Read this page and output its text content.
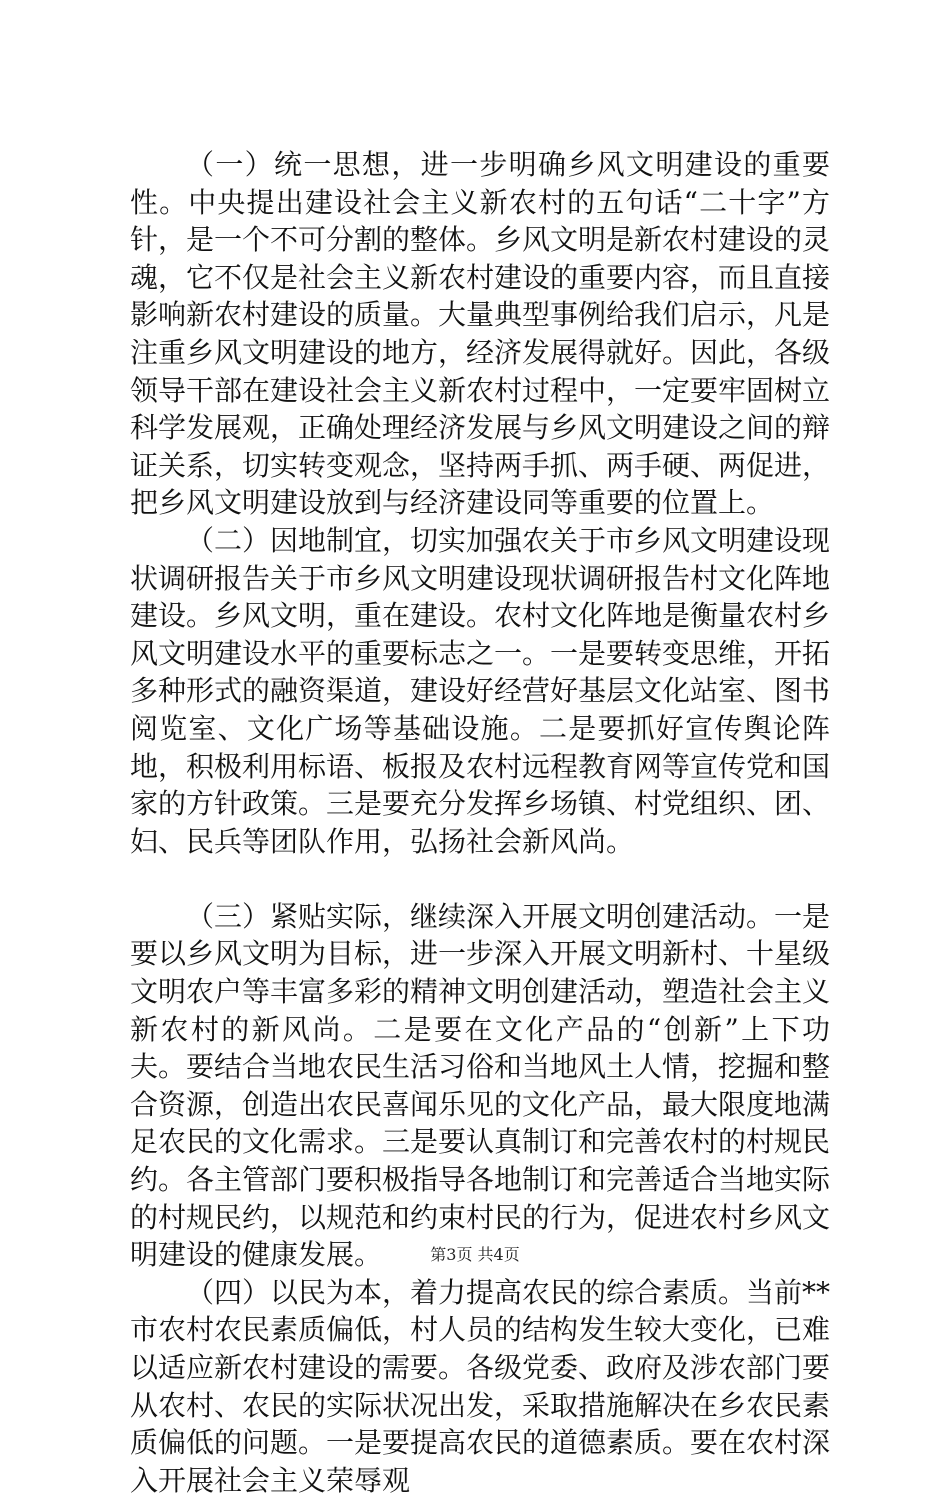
（一）统一思想，进一步明确乡风文明建设的重要性。中央提出建设社会主义新农村的五句话“二十字”方针，是一个不可分割的整体。乡风文明是新农村建设的灵魂，它不仅是社会主义新农村建设的重要内容，而且直接影响新农村建设的质量。大量典型事例给我们启示，凡是注重乡风文明建设的地方，经济发展得就好。因此，各级领导干部在建设社会主义新农村过程中，一定要牢固树立科学发展观，正确处理经济发展与乡风文明建设之间的辩证关系，切实转变观念，坚持两手抓、两手硬、两促进，把乡风文明建设放到与经济建设同等重要的位置上。

（二）因地制宜，切实加强农关于市乡风文明建设现状调研报告关于市乡风文明建设现状调研报告村文化阵地建设。乡风文明，重在建设。农村文化阵地是衡量农村乡风文明建设水平的重要标志之一。一是要转变思维，开拓多种形式的融资渠道，建设好经营好基层文化站室、图书阅览室、文化广场等基础设施。二是要抓好宣传舆论阵地，积极利用标语、板报及农村远程教育网等宣传党和国家的方针政策。三是要充分发挥乡场镇、村党组织、团、妇、民兵等团队作用，弘扬社会新风尚。

（三）紧贴实际，继续深入开展文明创建活动。一是要以乡风文明为目标，进一步深入开展文明新村、十星级文明农户等丰富多彩的精神文明创建活动，塑造社会主义新农村的新风尚。二是要在文化产品的“创新”上下功夫。要结合当地农民生活习俗和当地风土人情，挖掘和整合资源，创造出农民喜闻乐见的文化产品，最大限度地满足农民的文化需求。三是要认真制订和完善农村的村规民约。各主管部门要积极指导各地制订和完善适合当地实际的村规民约，以规范和约束村民的行为，促进农村乡风文明建设的健康发展。

（四）以民为本，着力提高农民的综合素质。当前**市农村农民素质偏低，村人员的结构发生较大变化，已难以适应新农村建设的需要。各级党委、政府及涉农部门要从农村、农民的实际状况出发，采取措施解决在乡农民素质偏低的问题。一是要提高农民的道德素质。要在农村深入开展社会主义荣辱观

第3页 共4页
